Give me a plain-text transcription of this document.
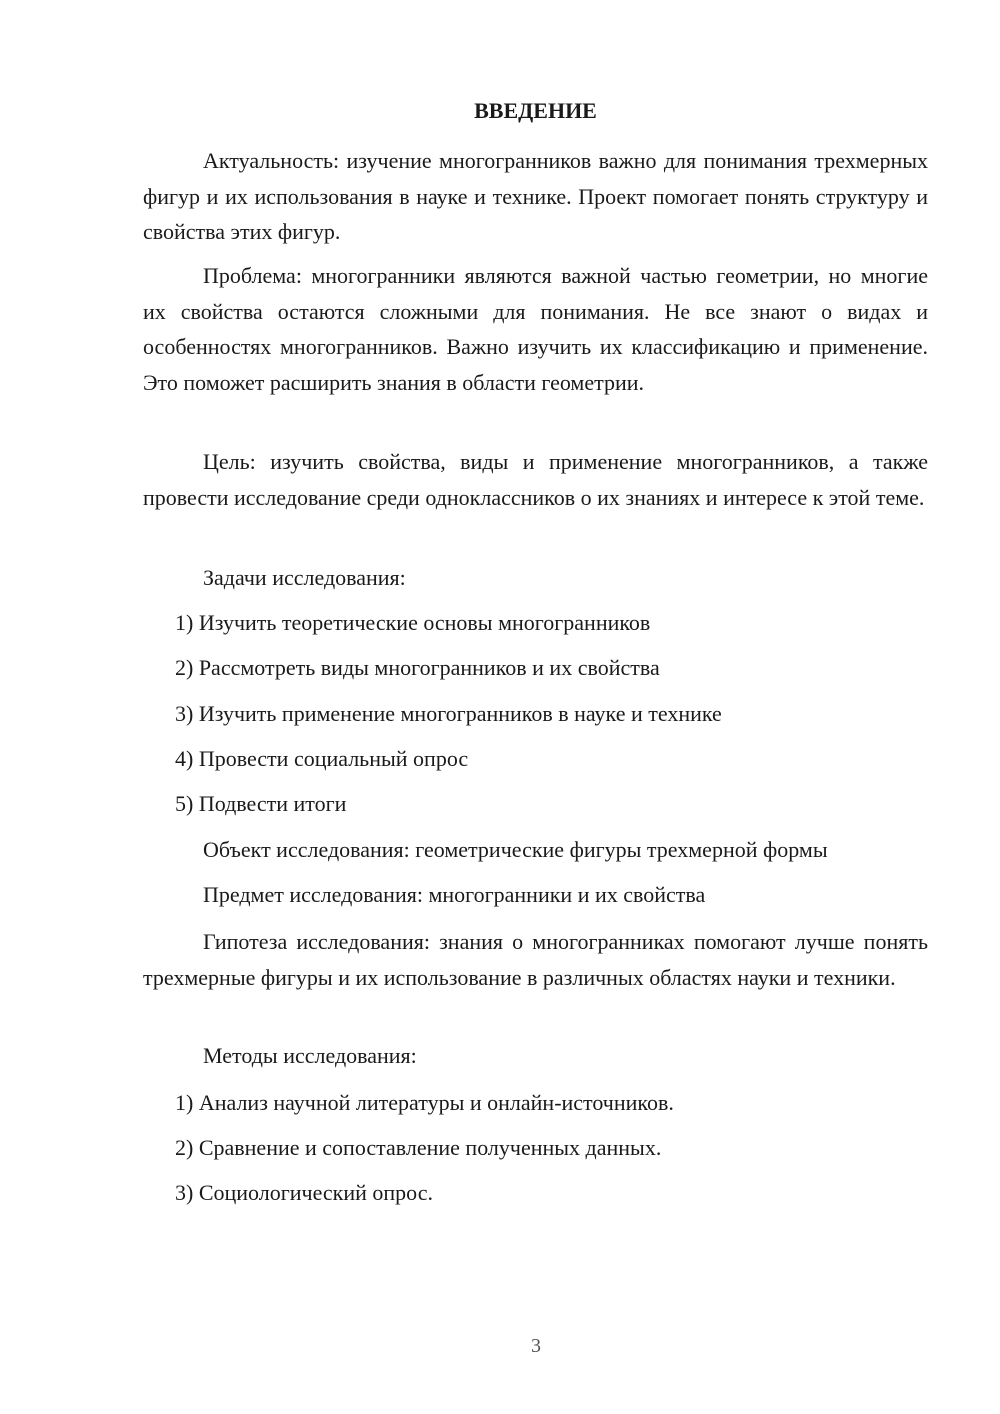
ВВЕДЕНИЕ

Актуальность: изучение многогранников важно для понимания трехмерных фигур и их использования в науке и технике. Проект помогает понять структуру и свойства этих фигур.

Проблема: многогранники являются важной частью геометрии, но многие их свойства остаются сложными для понимания. Не все знают о видах и особенностях многогранников. Важно изучить их классификацию и применение. Это поможет расширить знания в области геометрии.

Цель: изучить свойства, виды и применение многогранников, а также провести исследование среди одноклассников о их знаниях и интересе к этой теме.

Задачи исследования:

1) Изучить теоретические основы многогранников

2) Рассмотреть виды многогранников и их свойства

3) Изучить применение многогранников в науке и технике

4) Провести социальный опрос

5) Подвести итоги

Объект исследования: геометрические фигуры трехмерной формы

Предмет исследования: многогранники и их свойства

Гипотеза исследования: знания о многогранниках помогают лучше понять трехмерные фигуры и их использование в различных областях науки и техники.

Методы исследования:

1) Анализ научной литературы и онлайн-источников.

2) Сравнение и сопоставление полученных данных.

3) Социологический опрос.

3
